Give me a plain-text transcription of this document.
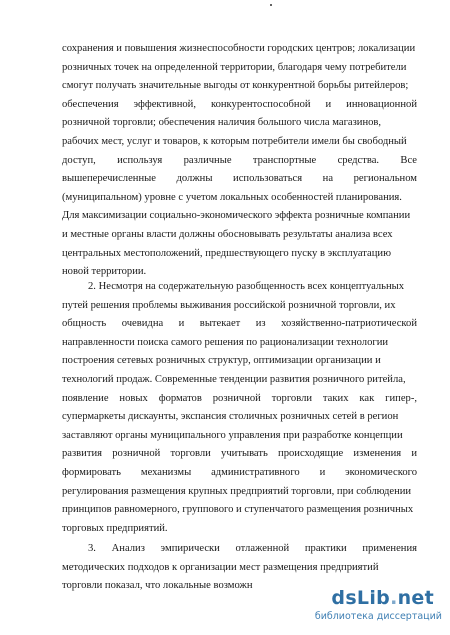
сохранения и повышения жизнеспособности городских центров; локализации
розничных точек на определенной территории, благодаря чему потребители
смогут получать значительные выгоды от конкурентной борьбы ритейлеров;
обеспечения эффективной, конкурентоспособной и инновационной
розничной торговли; обеспечения наличия большого числа магазинов,
рабочих мест, услуг и товаров, к которым потребители имели бы свободный
доступ, используя различные транспортные средства. Все
вышеперечисленные должны использоваться на региональном
(муниципальном) уровне с учетом локальных особенностей планирования.
Для максимизации социально-экономического эффекта розничные компании
и местные органы власти должны обосновывать результаты анализа всех
центральных местоположений, предшествующего пуску в эксплуатацию
новой территории.
2. Несмотря на содержательную разобщенность всех концептуальных
путей решения проблемы выживания российской розничной торговли, их
общность очевидна и вытекает из хозяйственно-патриотической
направленности поиска самого решения по рационализации технологии
построения сетевых розничных структур, оптимизации организации и
технологий продаж. Современные тенденции развития розничного ритейла,
появление новых форматов розничной торговли таких как гипер-,
супермаркеты дискаунты, экспансия столичных розничных сетей в регион
заставляют органы муниципального управления при разработке концепции
развития розничной торговли учитывать происходящие изменения и
формировать механизмы административного и экономического
регулирования размещения крупных предприятий торговли, при соблюдении
принципов равномерного, группового и ступенчатого размещения розничных
торговых предприятий.
3. Анализ эмпирически отлаженной практики применения
методических подходов к организации мест размещения предприятий
торговли показал, что локальные возможн
dsLib.net
библиотека диссертаций
